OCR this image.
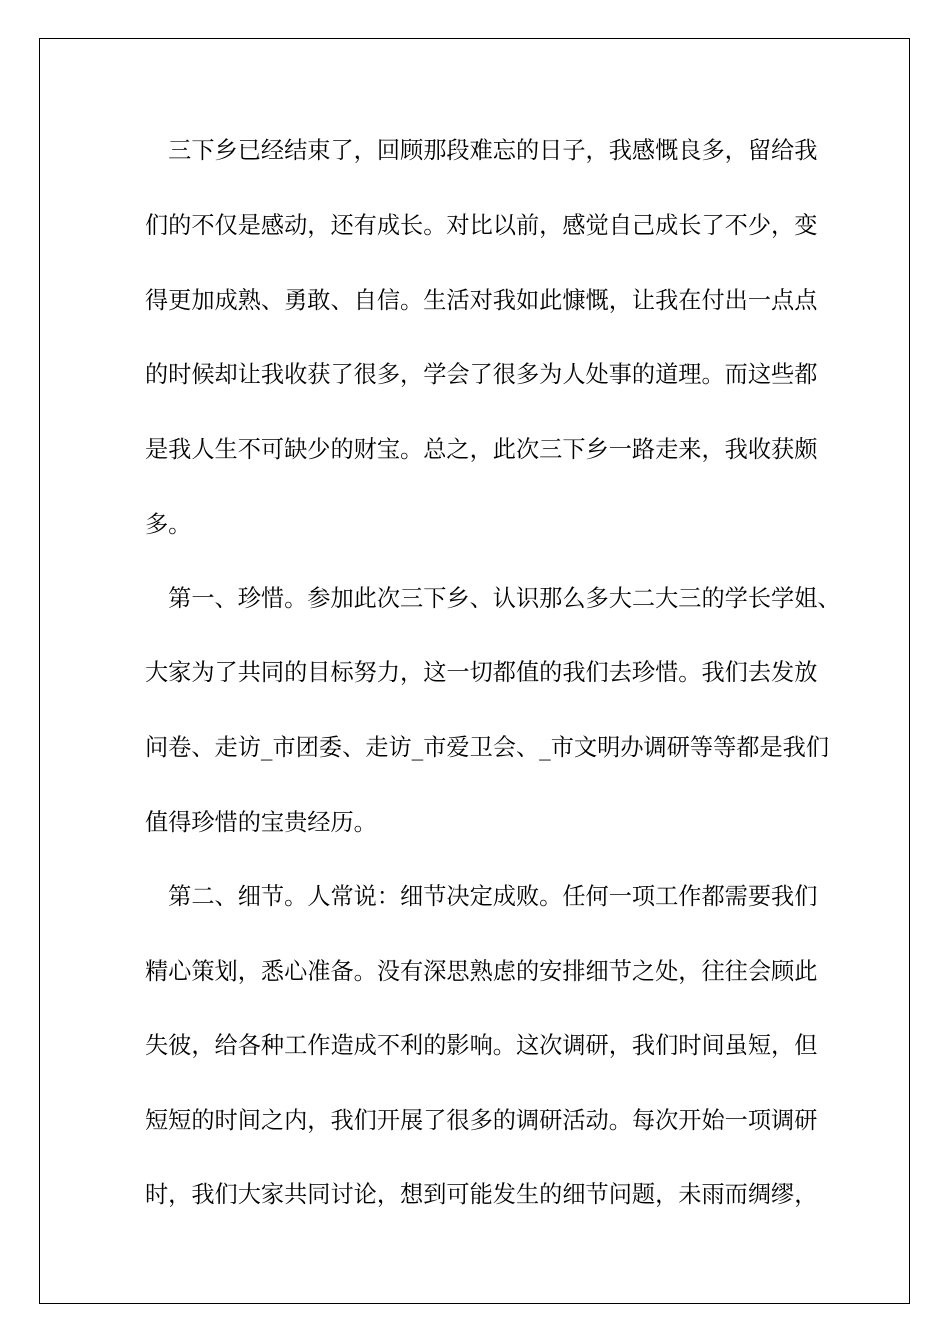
　三下乡已经结束了，回顾那段难忘的日子，我感慨良多，留给我
们的不仅是感动，还有成长。对比以前，感觉自己成长了不少，变
得更加成熟、勇敢、自信。生活对我如此慷慨，让我在付出一点点
的时候却让我收获了很多，学会了很多为人处事的道理。而这些都
是我人生不可缺少的财宝。总之，此次三下乡一路走来，我收获颇
多。
　第一、珍惜。参加此次三下乡、认识那么多大二大三的学长学姐、
大家为了共同的目标努力，这一切都值的我们去珍惜。我们去发放
问卷、走访_市团委、走访_市爱卫会、_市文明办调研等等都是我们
值得珍惜的宝贵经历。
　第二、细节。人常说：细节决定成败。任何一项工作都需要我们
精心策划，悉心准备。没有深思熟虑的安排细节之处，往往会顾此
失彼，给各种工作造成不利的影响。这次调研，我们时间虽短，但
短短的时间之内，我们开展了很多的调研活动。每次开始一项调研
时，我们大家共同讨论，想到可能发生的细节问题，未雨而绸缪，
